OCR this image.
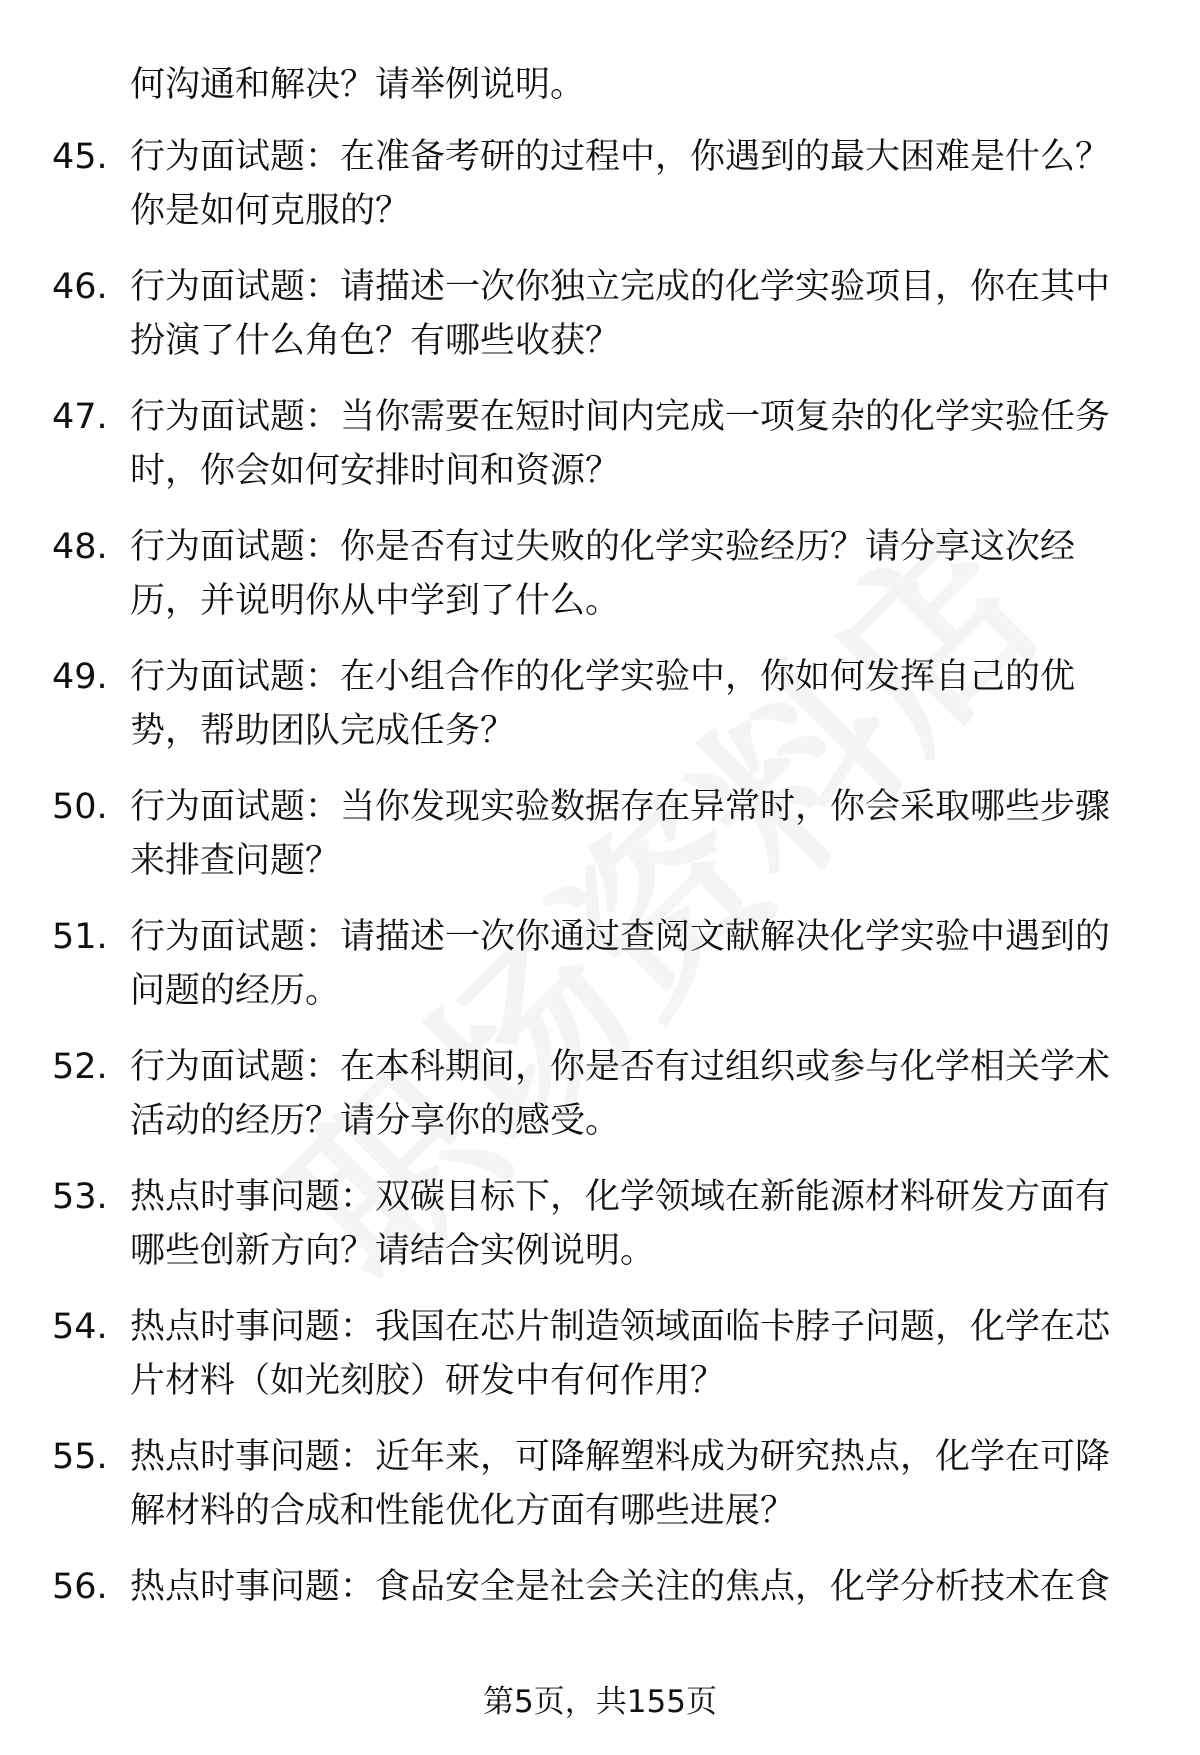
何沟通和解决？请举例说明。
45. 行为面试题：在准备考研的过程中，你遇到的最大困难是什么？
你是如何克服的？
46. 行为面试题：请描述一次你独立完成的化学实验项目，你在其中
扮演了什么角色？有哪些收获？
47. 行为面试题：当你需要在短时间内完成一项复杂的化学实验任务
时，你会如何安排时间和资源？
48. 行为面试题：你是否有过失败的化学实验经历？请分享这次经
历，并说明你从中学到了什么。
49. 行为面试题：在小组合作的化学实验中，你如何发挥自己的优
势，帮助团队完成任务？
50. 行为面试题：当你发现实验数据存在异常时，你会采取哪些步骤
来排查问题？
51. 行为面试题：请描述一次你通过查阅文献解决化学实验中遇到的
问题的经历。
52. 行为面试题：在本科期间，你是否有过组织或参与化学相关学术
活动的经历？请分享你的感受。
53. 热点时事问题：双碳目标下，化学领域在新能源材料研发方面有
哪些创新方向？请结合实例说明。
54. 热点时事问题：我国在芯片制造领域面临卡脖子问题，化学在芯
片材料（如光刻胶）研发中有何作用？
55. 热点时事问题：近年来，可降解塑料成为研究热点，化学在可降
解材料的合成和性能优化方面有哪些进展？
56. 热点时事问题：食品安全是社会关注的焦点，化学分析技术在食
第5页，共155页
